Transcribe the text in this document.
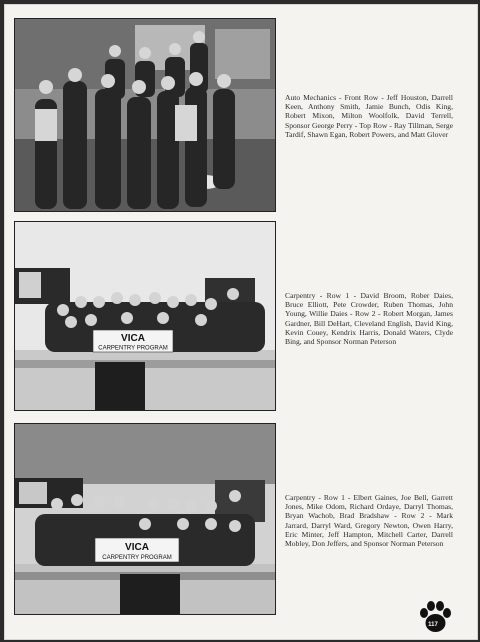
Auto Mechanics - Front Row - Jeff Houston, Darrell Keen, Anthony Smith, Jamie Bunch, Odis King, Robert Mixon, Milton Woolfolk, David Terrell, Sponsor George Perry - Top Row - Ray Tillman, Serge Tardif, Shawn Egan, Robert Powers, and Matt Glover
VICA
CARPENTRY PROGRAM
Carpentry - Row 1 - David Broom, Rober Daies, Bruce Elliott, Pete Crowder, Ruben Thomas, John Young, Willie Daies - Row 2 - Robert Morgan, James Gardner, Bill DeHart, Cleveland English, David King, Kevin Couey, Kendrix Harris, Donald Waters, Clyde Bing, and Sponsor Norman Peterson
VICA
CARPENTRY PROGRAM
Carpentry - Row 1 - Elbert Gaines, Joe Bell, Garrett Jones, Mike Odom, Richard Ordaye, Darryl Thomas, Bryan Wachob, Brad Bradshaw - Row 2 - Mark Jarrard, Darryl Ward, Gregory Newton, Owen Harry, Eric Minter, Jeff Hampton, Mitchell Carter, Darrell Mobley, Don Jeffers, and Sponsor Norman Peterson
117
